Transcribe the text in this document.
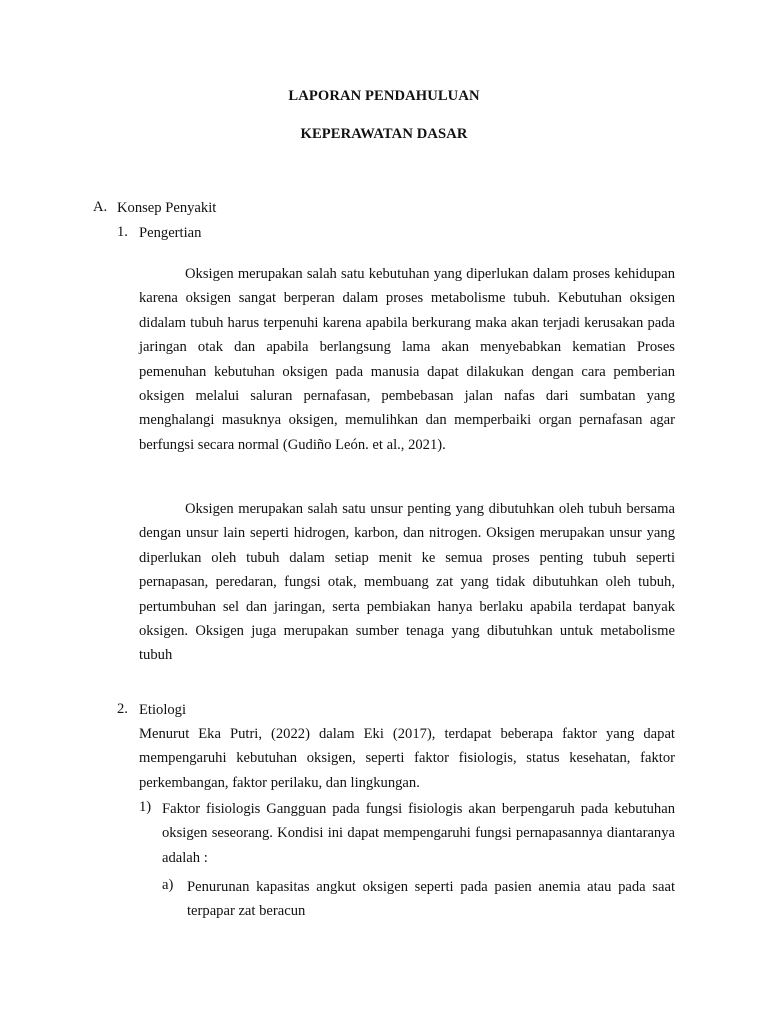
LAPORAN PENDAHULUAN
KEPERAWATAN DASAR
A. Konsep Penyakit
1. Pengertian

Oksigen merupakan salah satu kebutuhan yang diperlukan dalam proses kehidupan karena oksigen sangat berperan dalam proses metabolisme tubuh. Kebutuhan oksigen didalam tubuh harus terpenuhi karena apabila berkurang maka akan terjadi kerusakan pada jaringan otak dan apabila berlangsung lama akan menyebabkan kematian Proses pemenuhan kebutuhan oksigen pada manusia dapat dilakukan dengan cara pemberian oksigen melalui saluran pernafasan, pembebasan jalan nafas dari sumbatan yang menghalangi masuknya oksigen, memulihkan dan memperbaiki organ pernafasan agar berfungsi secara normal (Gudiño León. et al., 2021).

Oksigen merupakan salah satu unsur penting yang dibutuhkan oleh tubuh bersama dengan unsur lain seperti hidrogen, karbon, dan nitrogen. Oksigen merupakan unsur yang diperlukan oleh tubuh dalam setiap menit ke semua proses penting tubuh seperti pernapasan, peredaran, fungsi otak, membuang zat yang tidak dibutuhkan oleh tubuh, pertumbuhan sel dan jaringan, serta pembiakan hanya berlaku apabila terdapat banyak oksigen. Oksigen juga merupakan sumber tenaga yang dibutuhkan untuk metabolisme tubuh

2. Etiologi

Menurut Eka Putri, (2022) dalam Eki (2017), terdapat beberapa faktor yang dapat mempengaruhi kebutuhan oksigen, seperti faktor fisiologis, status kesehatan, faktor perkembangan, faktor perilaku, dan lingkungan.

1) Faktor fisiologis Gangguan pada fungsi fisiologis akan berpengaruh pada kebutuhan oksigen seseorang. Kondisi ini dapat mempengaruhi fungsi pernapasannya diantaranya adalah :

a) Penurunan kapasitas angkut oksigen seperti pada pasien anemia atau pada saat terpapar zat beracun
